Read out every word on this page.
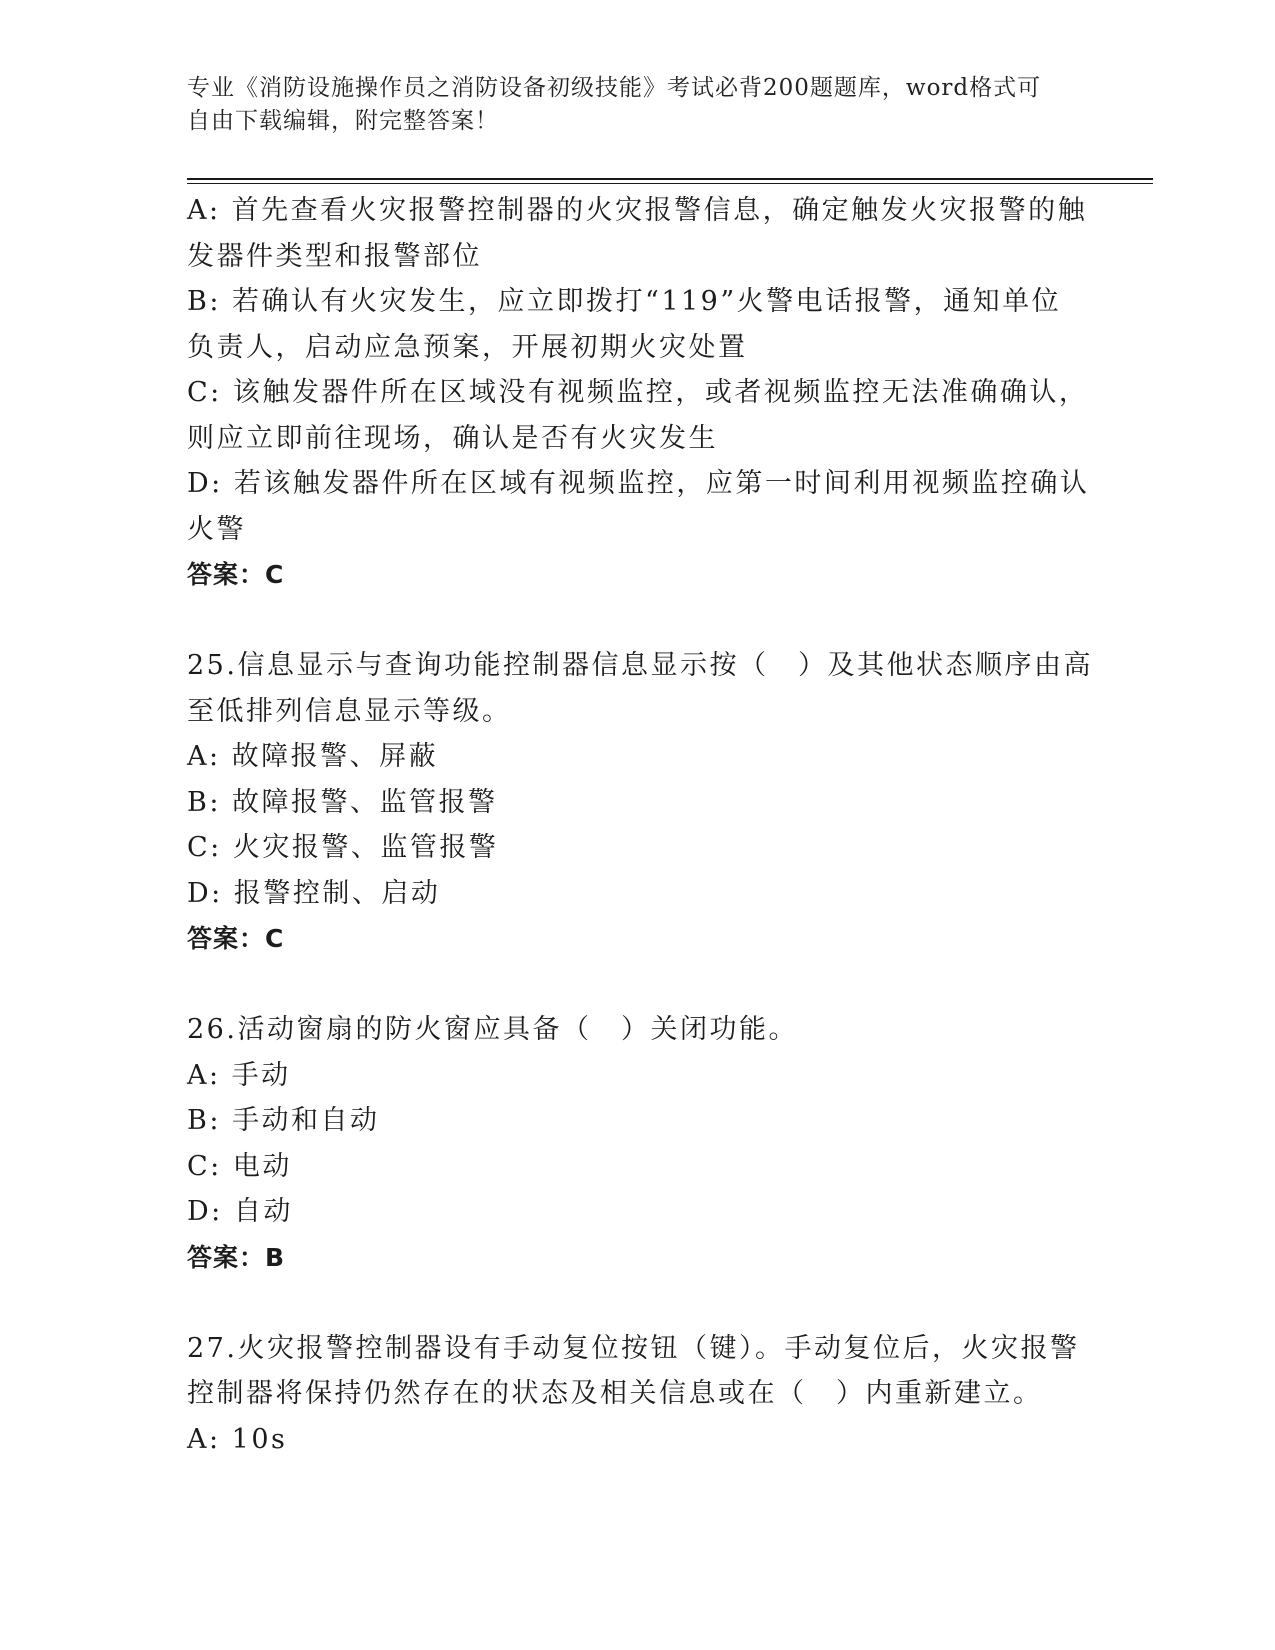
专业《消防设施操作员之消防设备初级技能》考试必背200题题库，word格式可
自由下载编辑，附完整答案！

A: 首先查看火灾报警控制器的火灾报警信息，确定触发火灾报警的触

发器件类型和报警部位

B: 若确认有火灾发生，应立即拨打“119”火警电话报警，通知单位

负责人，启动应急预案，开展初期火灾处置

C: 该触发器件所在区域没有视频监控，或者视频监控无法准确确认，

则应立即前往现场，确认是否有火灾发生

D: 若该触发器件所在区域有视频监控，应第一时间利用视频监控确认

火警

答案：C

25.信息显示与查询功能控制器信息显示按（　）及其他状态顺序由高

至低排列信息显示等级。

A: 故障报警、屏蔽

B: 故障报警、监管报警

C: 火灾报警、监管报警

D: 报警控制、启动

答案：C

26.活动窗扇的防火窗应具备（　）关闭功能。

A: 手动

B: 手动和自动

C: 电动

D: 自动

答案：B

27.火灾报警控制器设有手动复位按钮（键）。手动复位后，火灾报警

控制器将保持仍然存在的状态及相关信息或在（　）内重新建立。

A: 10s
